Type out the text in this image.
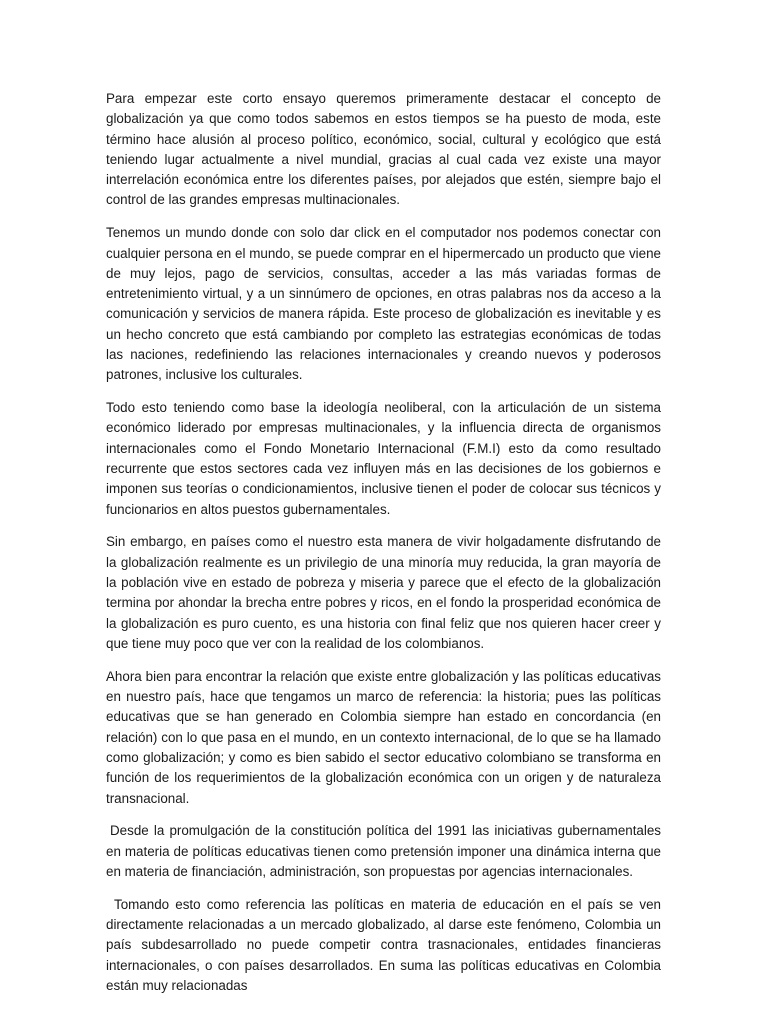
Para empezar este corto ensayo queremos primeramente destacar el concepto de globalización ya que como todos sabemos en estos tiempos se ha puesto de moda, este término hace alusión al proceso político, económico, social, cultural y ecológico que está teniendo lugar actualmente a nivel mundial, gracias al cual cada vez existe una mayor interrelación económica entre los diferentes países, por alejados que estén, siempre bajo el control de las grandes empresas multinacionales.

Tenemos un mundo donde con solo dar click en el computador nos podemos conectar con cualquier persona en el mundo, se puede comprar en el hipermercado un producto que viene de muy lejos, pago de servicios, consultas, acceder a las más variadas formas de entretenimiento virtual, y a un sinnúmero de opciones, en otras palabras nos da acceso a la comunicación y servicios de manera rápida. Este proceso de globalización es inevitable y es un hecho concreto que está cambiando por completo las estrategias económicas de todas las naciones, redefiniendo las relaciones internacionales y creando nuevos y poderosos patrones, inclusive los culturales.

Todo esto teniendo como base la ideología neoliberal, con la articulación de un sistema económico liderado por empresas multinacionales, y la influencia directa de organismos internacionales como el Fondo Monetario Internacional (F.M.I) esto da como resultado recurrente que estos sectores cada vez influyen más en las decisiones de los gobiernos e imponen sus teorías o condicionamientos, inclusive tienen el poder de colocar sus técnicos y funcionarios en altos puestos gubernamentales.

Sin embargo, en países como el nuestro esta manera de vivir holgadamente disfrutando de la globalización realmente es un privilegio de una minoría muy reducida, la gran mayoría de la población vive en estado de pobreza y miseria y parece que el efecto de la globalización termina por ahondar la brecha entre pobres y ricos, en el fondo la prosperidad económica de la globalización es puro cuento, es una historia con final feliz que nos quieren hacer creer y que tiene muy poco que ver con la realidad de los colombianos.

Ahora bien para encontrar la relación que existe entre globalización y las políticas educativas en nuestro país, hace que tengamos un marco de referencia: la historia; pues las políticas educativas que se han generado en Colombia siempre han estado en concordancia (en relación) con lo que pasa en el mundo, en un contexto internacional, de lo que se ha llamado como globalización; y como es bien sabido el sector educativo colombiano se transforma en función de los requerimientos de la globalización económica con un origen y de naturaleza transnacional.

Desde la promulgación de la constitución política del 1991 las iniciativas gubernamentales en materia de políticas educativas tienen como pretensión imponer una dinámica interna que en materia de financiación, administración, son propuestas por agencias internacionales.

Tomando esto como referencia las políticas en materia de educación en el país se ven directamente relacionadas a un mercado globalizado, al darse este fenómeno, Colombia un país subdesarrollado no puede competir contra trasnacionales, entidades financieras internacionales, o con países desarrollados. En suma las políticas educativas en Colombia están muy relacionadas
